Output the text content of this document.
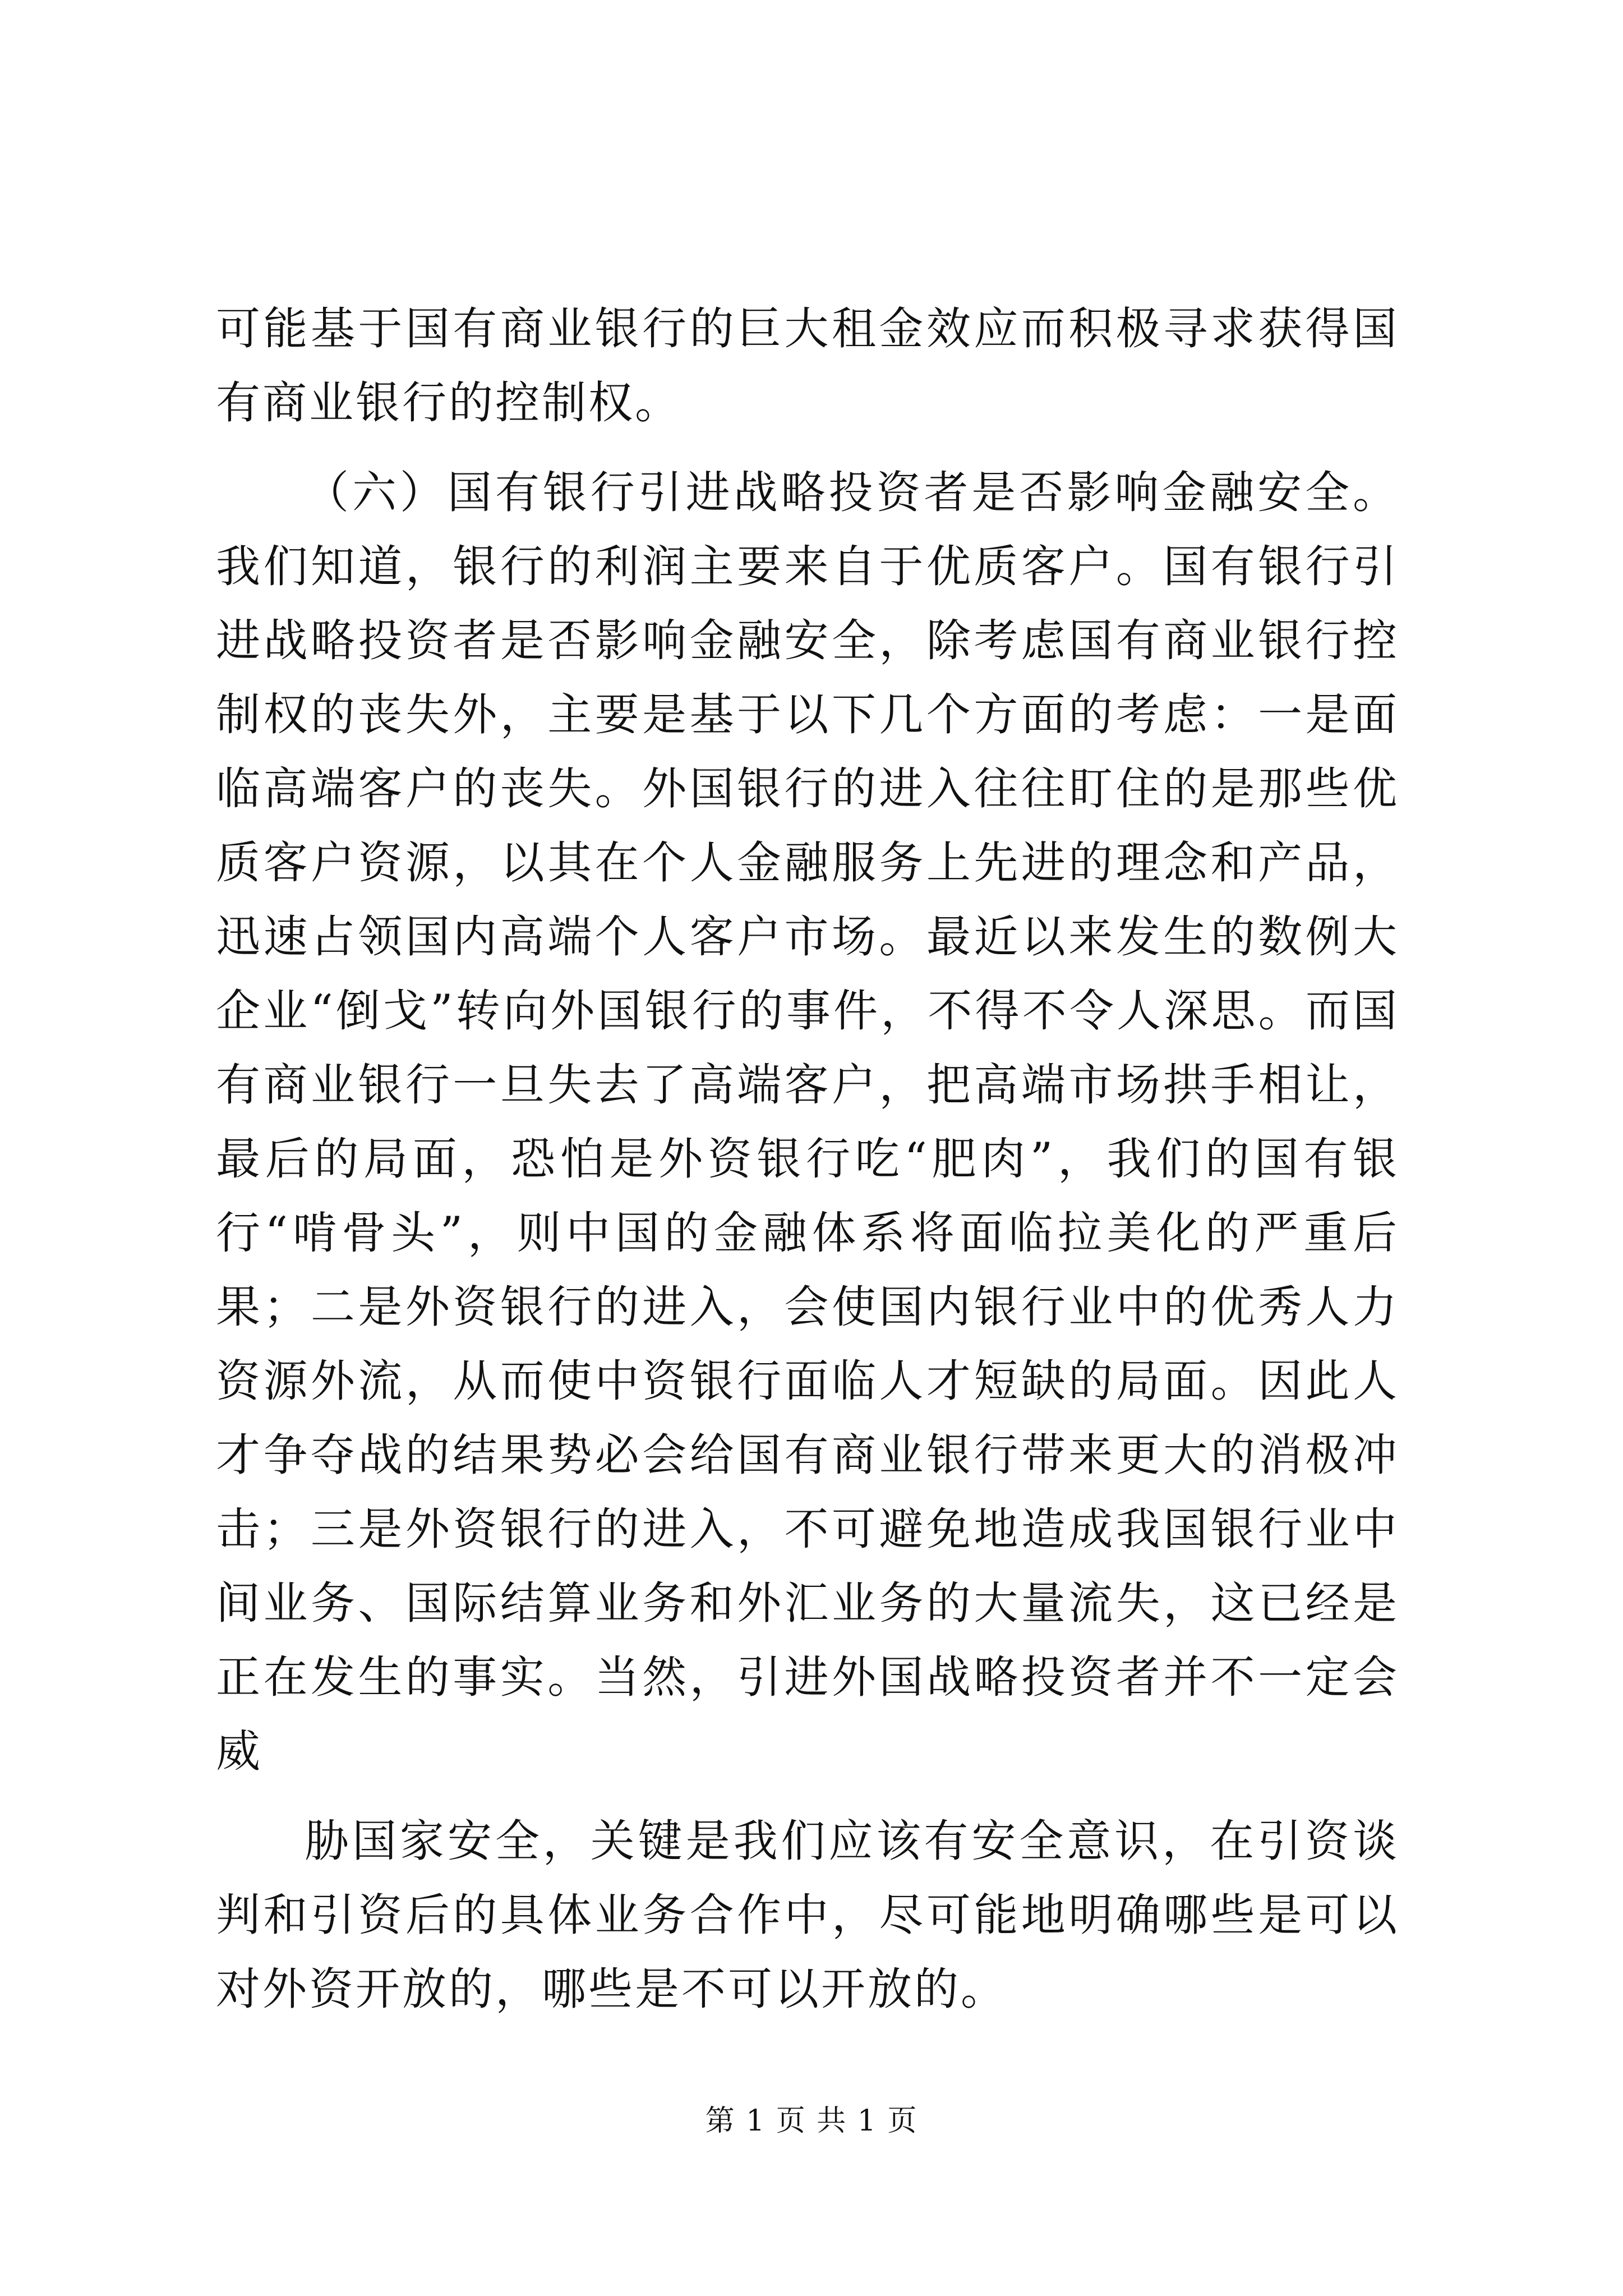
可能基于国有商业银行的巨大租金效应而积极寻求获得国有商业银行的控制权。

（六）国有银行引进战略投资者是否影响金融安全。我们知道，银行的利润主要来自于优质客户。国有银行引进战略投资者是否影响金融安全，除考虑国有商业银行控制权的丧失外，主要是基于以下几个方面的考虑：一是面临高端客户的丧失。外国银行的进入往往盯住的是那些优质客户资源，以其在个人金融服务上先进的理念和产品，迅速占领国内高端个人客户市场。最近以来发生的数例大企业“倒戈”转向外国银行的事件，不得不令人深思。而国有商业银行一旦失去了高端客户，把高端市场拱手相让，最后的局面，恐怕是外资银行吃“肥肉”，我们的国有银行“啃骨头”，则中国的金融体系将面临拉美化的严重后果；二是外资银行的进入，会使国内银行业中的优秀人力资源外流，从而使中资银行面临人才短缺的局面。因此人才争夺战的结果势必会给国有商业银行带来更大的消极冲击；三是外资银行的进入，不可避免地造成我国银行业中间业务、国际结算业务和外汇业务的大量流失，这已经是正在发生的事实。当然，引进外国战略投资者并不一定会威

胁国家安全，关键是我们应该有安全意识，在引资谈判和引资后的具体业务合作中，尽可能地明确哪些是可以对外资开放的，哪些是不可以开放的。

第 1 页 共 1 页
